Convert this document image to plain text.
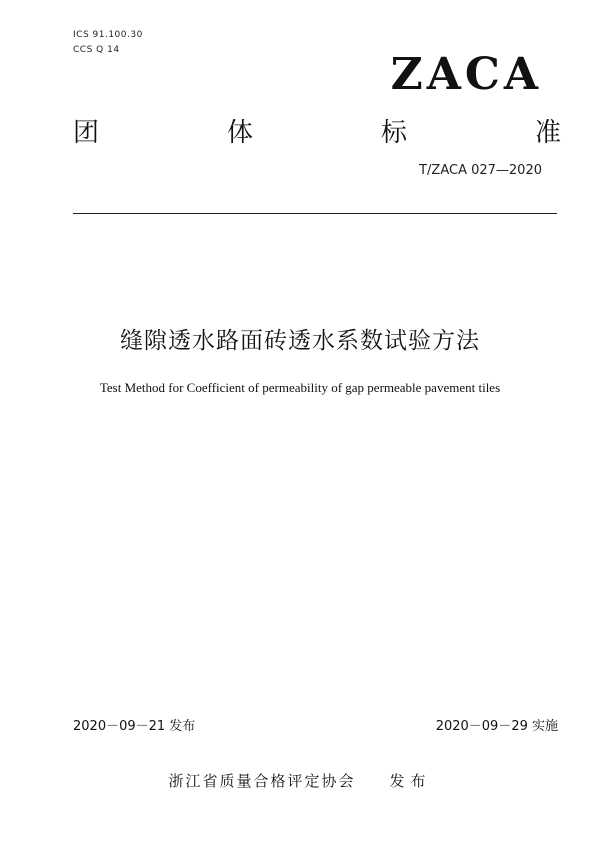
ICS 91.100.30
CCS Q 14	ZACA
团	体	标	准
T/ZACA 027—2020
缝隙透水路面砖透水系数试验方法
Test Method for Coefficient of permeability of gap permeable pavement tiles
2020－09－21 发布	2020－09－29 实施
浙江省质量合格评定协会 发布
